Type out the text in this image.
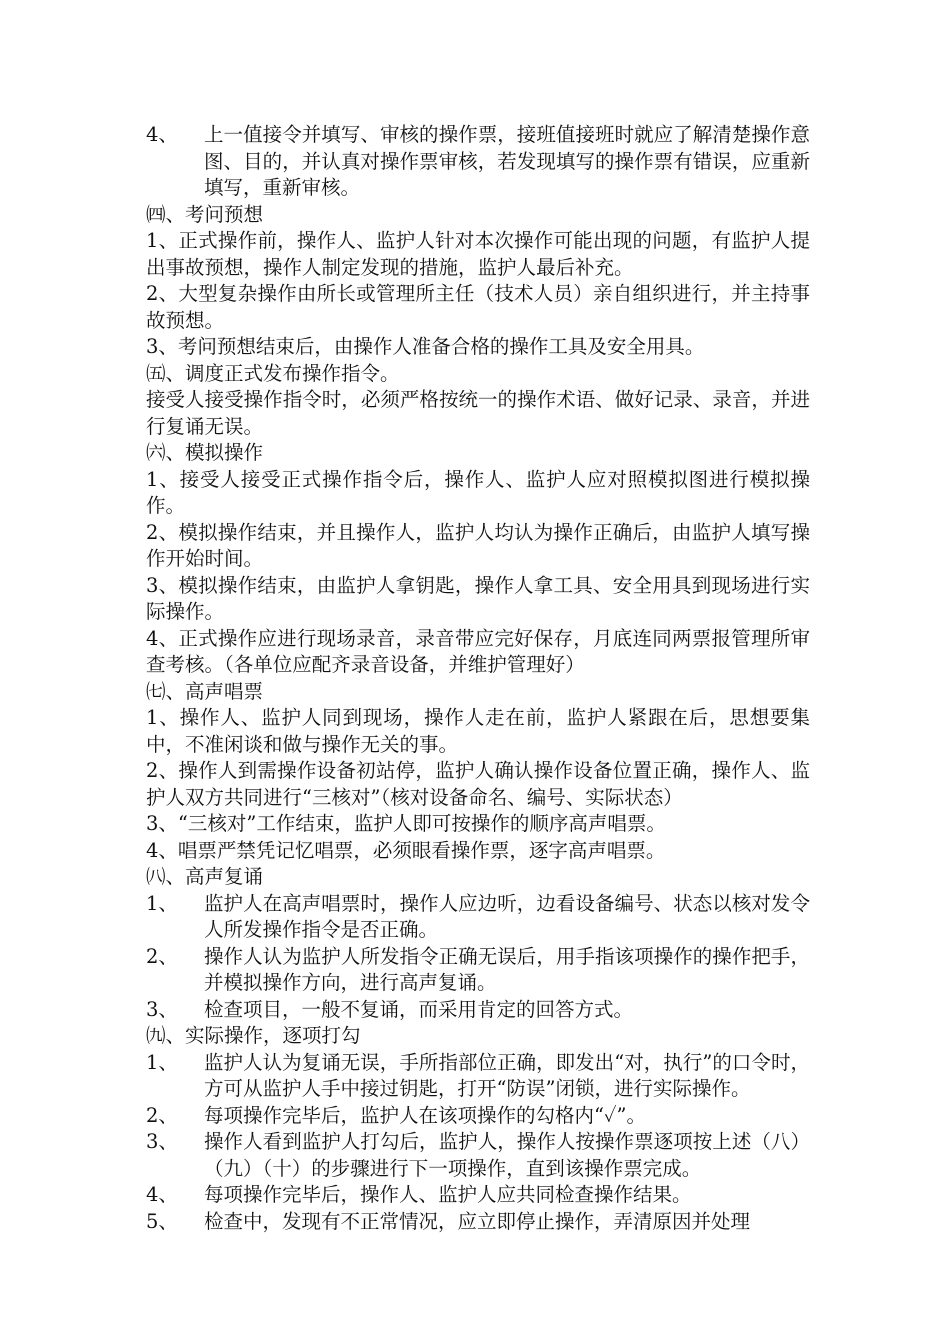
4、	上一值接令并填写、审核的操作票，接班值接班时就应了解清楚操作意图、目的，并认真对操作票审核，若发现填写的操作票有错误，应重新填写，重新审核。
㈣、考问预想
1、正式操作前，操作人、监护人针对本次操作可能出现的问题，有监护人提出事故预想，操作人制定发现的措施，监护人最后补充。
2、大型复杂操作由所长或管理所主任（技术人员）亲自组织进行，并主持事故预想。
3、考问预想结束后，由操作人准备合格的操作工具及安全用具。
㈤、调度正式发布操作指令。
接受人接受操作指令时，必须严格按统一的操作术语、做好记录、录音，并进行复诵无误。
㈥、模拟操作
1、接受人接受正式操作指令后，操作人、监护人应对照模拟图进行模拟操作。
2、模拟操作结束，并且操作人，监护人均认为操作正确后，由监护人填写操作开始时间。
3、模拟操作结束，由监护人拿钥匙，操作人拿工具、安全用具到现场进行实际操作。
4、正式操作应进行现场录音，录音带应完好保存，月底连同两票报管理所审查考核。（各单位应配齐录音设备，并维护管理好）
㈦、高声唱票
1、操作人、监护人同到现场，操作人走在前，监护人紧跟在后，思想要集中，不准闲谈和做与操作无关的事。
2、操作人到需操作设备初站停，监护人确认操作设备位置正确，操作人、监护人双方共同进行“三核对”（核对设备命名、编号、实际状态）
3、“三核对”工作结束，监护人即可按操作的顺序高声唱票。
4、唱票严禁凭记忆唱票，必须眼看操作票，逐字高声唱票。
㈧、高声复诵
1、	监护人在高声唱票时，操作人应边听，边看设备编号、状态以核对发令人所发操作指令是否正确。
2、	操作人认为监护人所发指令正确无误后，用手指该项操作的操作把手，并模拟操作方向，进行高声复诵。
3、	检查项目，一般不复诵，而采用肯定的回答方式。
㈨、实际操作，逐项打勾
1、	监护人认为复诵无误，手所指部位正确，即发出“对，执行”的口令时，方可从监护人手中接过钥匙，打开“防误”闭锁，进行实际操作。
2、	每项操作完毕后，监护人在该项操作的勾格内“✓”。
3、	操作人看到监护人打勾后，监护人，操作人按操作票逐项按上述（八）（九）（十）的步骤进行下一项操作，直到该操作票完成。
4、	每项操作完毕后，操作人、监护人应共同检查操作结果。
5、	检查中，发现有不正常情况，应立即停止操作，弄清原因并处理
